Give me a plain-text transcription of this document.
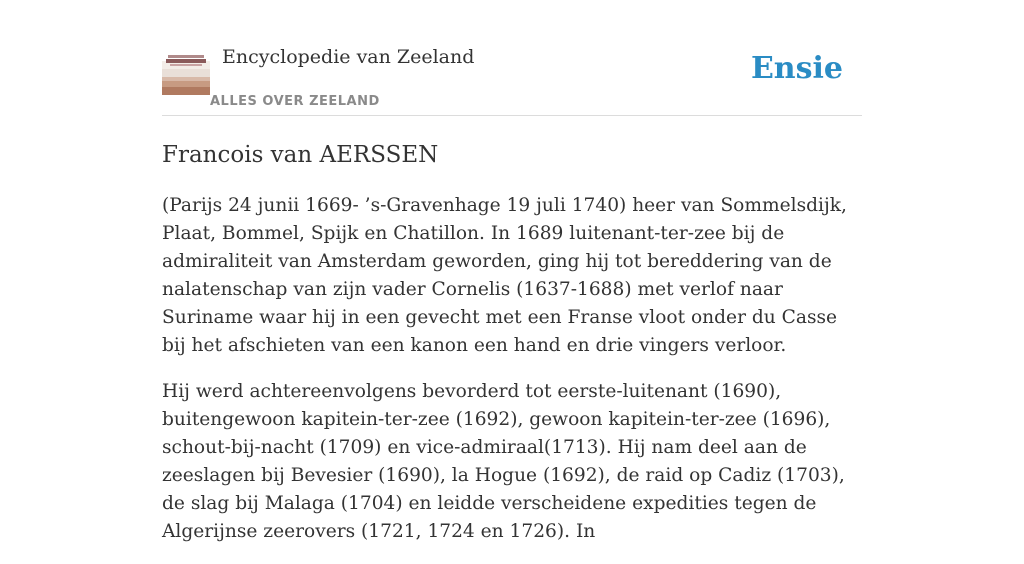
Encyclopedie van Zeeland
ALLES OVER ZEELAND
Ensie
Francois van AERSSEN

(Parijs 24 junii 1669- ’s-Gravenhage 19 juli 1740) heer van Sommelsdijk, Plaat, Bommel, Spijk en Chatillon. In 1689 luitenant-ter-zee bij de admiraliteit van Amsterdam geworden, ging hij tot bereddering van de nalatenschap van zijn vader Cornelis (1637-1688) met verlof naar Suriname waar hij in een gevecht met een Franse vloot onder du Casse bij het afschieten van een kanon een hand en drie vingers verloor.

Hij werd achtereenvolgens bevorderd tot eerste-luitenant (1690), buitengewoon kapitein-ter-zee (1692), gewoon kapitein-ter-zee (1696), schout-bij-nacht (1709) en vice-admiraal(1713). Hij nam deel aan de zeeslagen bij Bevesier (1690), la Hogue (1692), de raid op Cadiz (1703), de slag bij Malaga (1704) en leidde verscheidene expedities tegen de Algerijnse zeerovers (1721, 1724 en 1726). In
